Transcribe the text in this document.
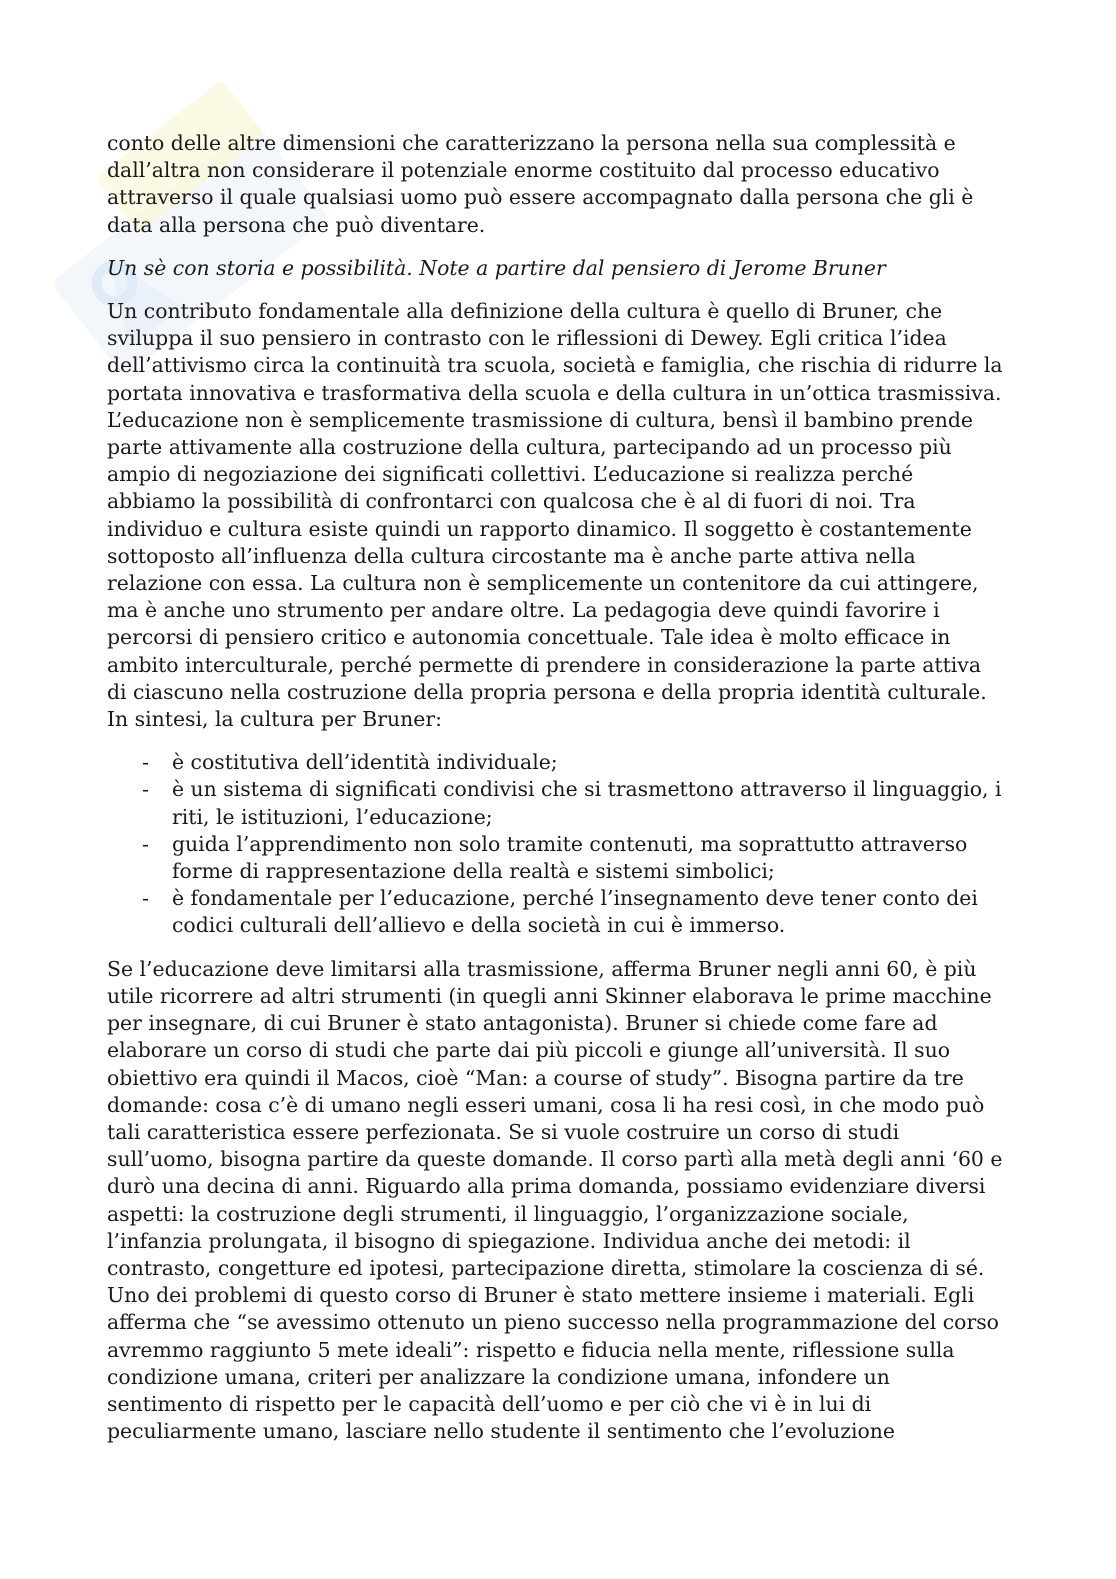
conto delle altre dimensioni che caratterizzano la persona nella sua complessità e dall’altra non considerare il potenziale enorme costituito dal processo educativo attraverso il quale qualsiasi uomo può essere accompagnato dalla persona che gli è data alla persona che può diventare.

Un sè con storia e possibilità. Note a partire dal pensiero di Jerome Bruner

Un contributo fondamentale alla definizione della cultura è quello di Bruner, che sviluppa il suo pensiero in contrasto con le riflessioni di Dewey. Egli critica l’idea dell’attivismo circa la continuità tra scuola, società e famiglia, che rischia di ridurre la portata innovativa e trasformativa della scuola e della cultura in un’ottica trasmissiva. L’educazione non è semplicemente trasmissione di cultura, bensì il bambino prende parte attivamente alla costruzione della cultura, partecipando ad un processo più ampio di negoziazione dei significati collettivi. L’educazione si realizza perché abbiamo la possibilità di confrontarci con qualcosa che è al di fuori di noi. Tra individuo e cultura esiste quindi un rapporto dinamico. Il soggetto è costantemente sottoposto all’influenza della cultura circostante ma è anche parte attiva nella relazione con essa. La cultura non è semplicemente un contenitore da cui attingere, ma è anche uno strumento per andare oltre. La pedagogia deve quindi favorire i percorsi di pensiero critico e autonomia concettuale. Tale idea è molto efficace in ambito interculturale, perché permette di prendere in considerazione la parte attiva di ciascuno nella costruzione della propria persona e della propria identità culturale. In sintesi, la cultura per Bruner:

- è costitutiva dell’identità individuale;
- è un sistema di significati condivisi che si trasmettono attraverso il linguaggio, i riti, le istituzioni, l’educazione;
- guida l’apprendimento non solo tramite contenuti, ma soprattutto attraverso forme di rappresentazione della realtà e sistemi simbolici;
- è fondamentale per l’educazione, perché l’insegnamento deve tener conto dei codici culturali dell’allievo e della società in cui è immerso.

Se l’educazione deve limitarsi alla trasmissione, afferma Bruner negli anni 60, è più utile ricorrere ad altri strumenti (in quegli anni Skinner elaborava le prime macchine per insegnare, di cui Bruner è stato antagonista). Bruner si chiede come fare ad elaborare un corso di studi che parte dai più piccoli e giunge all’università. Il suo obiettivo era quindi il Macos, cioè “Man: a course of study”. Bisogna partire da tre domande: cosa c’è di umano negli esseri umani, cosa li ha resi così, in che modo può tali caratteristica essere perfezionata. Se si vuole costruire un corso di studi sull’uomo, bisogna partire da queste domande. Il corso partì alla metà degli anni ‘60 e durò una decina di anni. Riguardo alla prima domanda, possiamo evidenziare diversi aspetti: la costruzione degli strumenti, il linguaggio, l’organizzazione sociale, l’infanzia prolungata, il bisogno di spiegazione. Individua anche dei metodi: il contrasto, congetture ed ipotesi, partecipazione diretta, stimolare la coscienza di sé. Uno dei problemi di questo corso di Bruner è stato mettere insieme i materiali. Egli afferma che “se avessimo ottenuto un pieno successo nella programmazione del corso avremmo raggiunto 5 mete ideali”: rispetto e fiducia nella mente, riflessione sulla condizione umana, criteri per analizzare la condizione umana, infondere un sentimento di rispetto per le capacità dell’uomo e per ciò che vi è in lui di peculiarmente umano, lasciare nello studente il sentimento che l’evoluzione
